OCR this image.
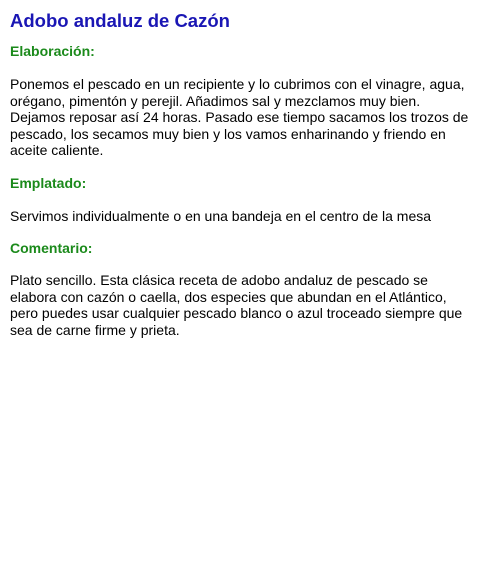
Adobo andaluz de Cazón
Elaboración:
Ponemos el pescado en un recipiente y lo cubrimos con el vinagre, agua, orégano, pimentón y perejil. Añadimos sal y mezclamos muy bien. Dejamos reposar así 24 horas. Pasado ese tiempo sacamos los trozos de pescado, los secamos muy bien y los vamos enharinando y friendo en aceite caliente.
Emplatado:
Servimos individualmente o en una bandeja en el centro de la mesa
Comentario:
Plato sencillo. Esta clásica receta de adobo andaluz de pescado se elabora con cazón o caella, dos especies que abundan en el Atlántico, pero puedes usar cualquier pescado blanco o azul troceado siempre que sea de carne firme y prieta.
